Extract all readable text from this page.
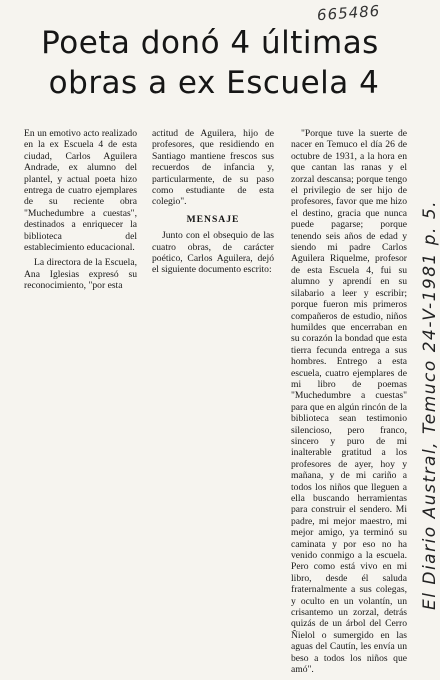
665486
Poeta donó 4 últimas
obras a ex Escuela 4

En un emotivo acto realizado en la ex Escuela 4 de esta ciudad, Carlos Aguilera Andrade, ex alumno del plantel, y actual poeta hizo entrega de cuatro ejemplares de su reciente obra "Muchedumbre a cuestas", destinados a enriquecer la biblioteca del establecimiento educacional.

La directora de la Escuela, Ana Iglesias expresó su reconocimiento, "por esta

actitud de Aguilera, hijo de profesores, que residiendo en Santiago mantiene frescos sus recuerdos de infancia y, particularmente, de su paso como estudiante de esta colegio".

MENSAJE

Junto con el obsequio de las cuatro obras, de carácter poético, Carlos Aguilera, dejó el siguiente documento escrito:

"Porque tuve la suerte de nacer en Temuco el día 26 de octubre de 1931, a la hora en que cantan las ranas y el zorzal descansa; porque tengo el privilegio de ser hijo de profesores, favor que me hizo el destino, gracia que nunca puede pagarse; porque tenendo seis años de edad y siendo mi padre Carlos Aguilera Riquelme, profesor de esta Escuela 4, fui su alumno y aprendí en su silabario a leer y escribir; porque fueron mis primeros compañeros de estudio, niños humildes que encerraban en su corazón la bondad que esta tierra fecunda entrega a sus hombres. Entrego a esta escuela, cuatro ejemplares de mi libro de poemas "Muchedumbre a cuestas" para que en algún rincón de la biblioteca sean testimonio silencioso, pero franco, sincero y puro de mi inalterable gratitud a los profesores de ayer, hoy y mañana, y de mi cariño a todos los niños que lleguen a ella buscando herramientas para construir el sendero. Mi padre, mi mejor maestro, mi mejor amigo, ya terminó su caminata y por eso no ha venido conmigo a la escuela. Pero como está vivo en mi libro, desde él saluda fraternalmente a sus colegas, y oculto en un volantín, un crisantemo un zorzal, detrás quizás de un árbol del Cerro Ñielol o sumergido en las aguas del Cautín, les envía un beso a todos los niños que amó".

El Diario Austral, Temuco 24-V-1981 p. 5.
